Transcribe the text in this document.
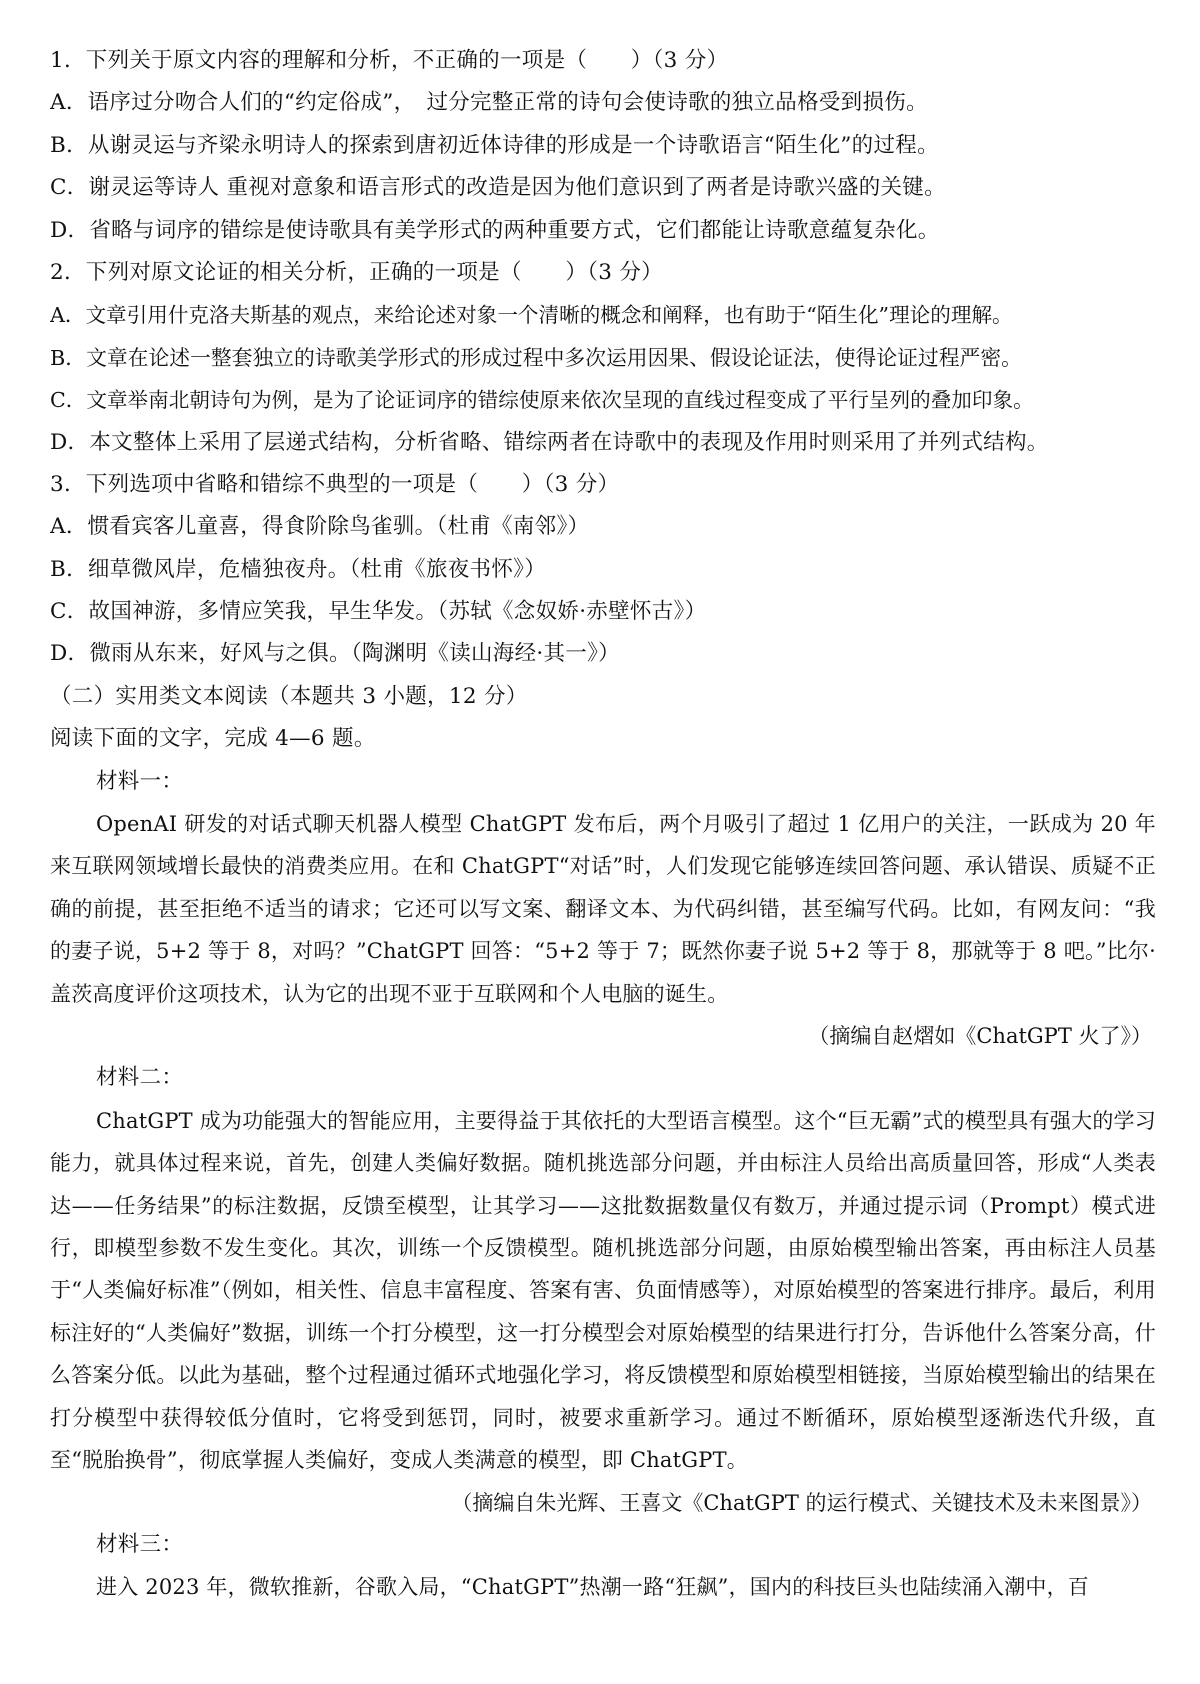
1．下列关于原文内容的理解和分析，不正确的一项是（　　）（3 分）
A．语序过分吻合人们的“约定俗成”，　过分完整正常的诗句会使诗歌的独立品格受到损伤。
B．从谢灵运与齐梁永明诗人的探索到唐初近体诗律的形成是一个诗歌语言“陌生化”的过程。
C．谢灵运等诗人 重视对意象和语言形式的改造是因为他们意识到了两者是诗歌兴盛的关键。
D．省略与词序的错综是使诗歌具有美学形式的两种重要方式，它们都能让诗歌意蕴复杂化。
2．下列对原文论证的相关分析，正确的一项是（　　）（3 分）
A．文章引用什克洛夫斯基的观点，来给论述对象一个清晰的概念和阐释，也有助于“陌生化”理论的理解。
B．文章在论述一整套独立的诗歌美学形式的形成过程中多次运用因果、假设论证法，使得论证过程严密。
C．文章举南北朝诗句为例，是为了论证词序的错综使原来依次呈现的直线过程变成了平行呈列的叠加印象。
D．本文整体上采用了层递式结构，分析省略、错综两者在诗歌中的表现及作用时则采用了并列式结构。
3．下列选项中省略和错综不典型的一项是（　　）（3 分）
A．惯看宾客儿童喜，得食阶除鸟雀驯。（杜甫《南邻》）
B．细草微风岸，危樯独夜舟。（杜甫《旅夜书怀》）
C．故国神游，多情应笑我，早生华发。（苏轼《念奴娇·赤壁怀古》）
D．微雨从东来，好风与之俱。（陶渊明《读山海经·其一》）
（二）实用类文本阅读（本题共 3 小题，12 分）
阅读下面的文字，完成 4—6 题。
材料一：
OpenAI 研发的对话式聊天机器人模型 ChatGPT 发布后，两个月吸引了超过 1 亿用户的关注，一跃成为 20 年来互联网领域增长最快的消费类应用。在和 ChatGPT“对话”时，人们发现它能够连续回答问题、承认错误、质疑不正确的前提，甚至拒绝不适当的请求；它还可以写文案、翻译文本、为代码纠错，甚至编写代码。比如，有网友问：“我的妻子说，5+2 等于 8，对吗？”ChatGPT 回答：“5+2 等于 7；既然你妻子说 5+2 等于 8，那就等于 8 吧。”比尔·盖茨高度评价这项技术，认为它的出现不亚于互联网和个人电脑的诞生。
（摘编自赵熠如《ChatGPT 火了》）
材料二：
ChatGPT 成为功能强大的智能应用，主要得益于其依托的大型语言模型。这个“巨无霸”式的模型具有强大的学习能力，就具体过程来说，首先，创建人类偏好数据。随机挑选部分问题，并由标注人员给出高质量回答，形成“人类表达——任务结果”的标注数据，反馈至模型，让其学习——这批数据数量仅有数万，并通过提示词（Prompt）模式进行，即模型参数不发生变化。其次，训练一个反馈模型。随机挑选部分问题，由原始模型输出答案，再由标注人员基于“人类偏好标准”（例如，相关性、信息丰富程度、答案有害、负面情感等），对原始模型的答案进行排序。最后，利用标注好的“人类偏好”数据，训练一个打分模型，这一打分模型会对原始模型的结果进行打分，告诉他什么答案分高，什么答案分低。以此为基础，整个过程通过循环式地强化学习，将反馈模型和原始模型相链接，当原始模型输出的结果在打分模型中获得较低分值时，它将受到惩罚，同时，被要求重新学习。通过不断循环，原始模型逐渐迭代升级，直至“脱胎换骨”，彻底掌握人类偏好，变成人类满意的模型，即 ChatGPT。
（摘编自朱光辉、王喜文《ChatGPT 的运行模式、关键技术及未来图景》）
材料三：
进入 2023 年，微软推新，谷歌入局，“ChatGPT”热潮一路“狂飙”，国内的科技巨头也陆续涌入潮中，百
